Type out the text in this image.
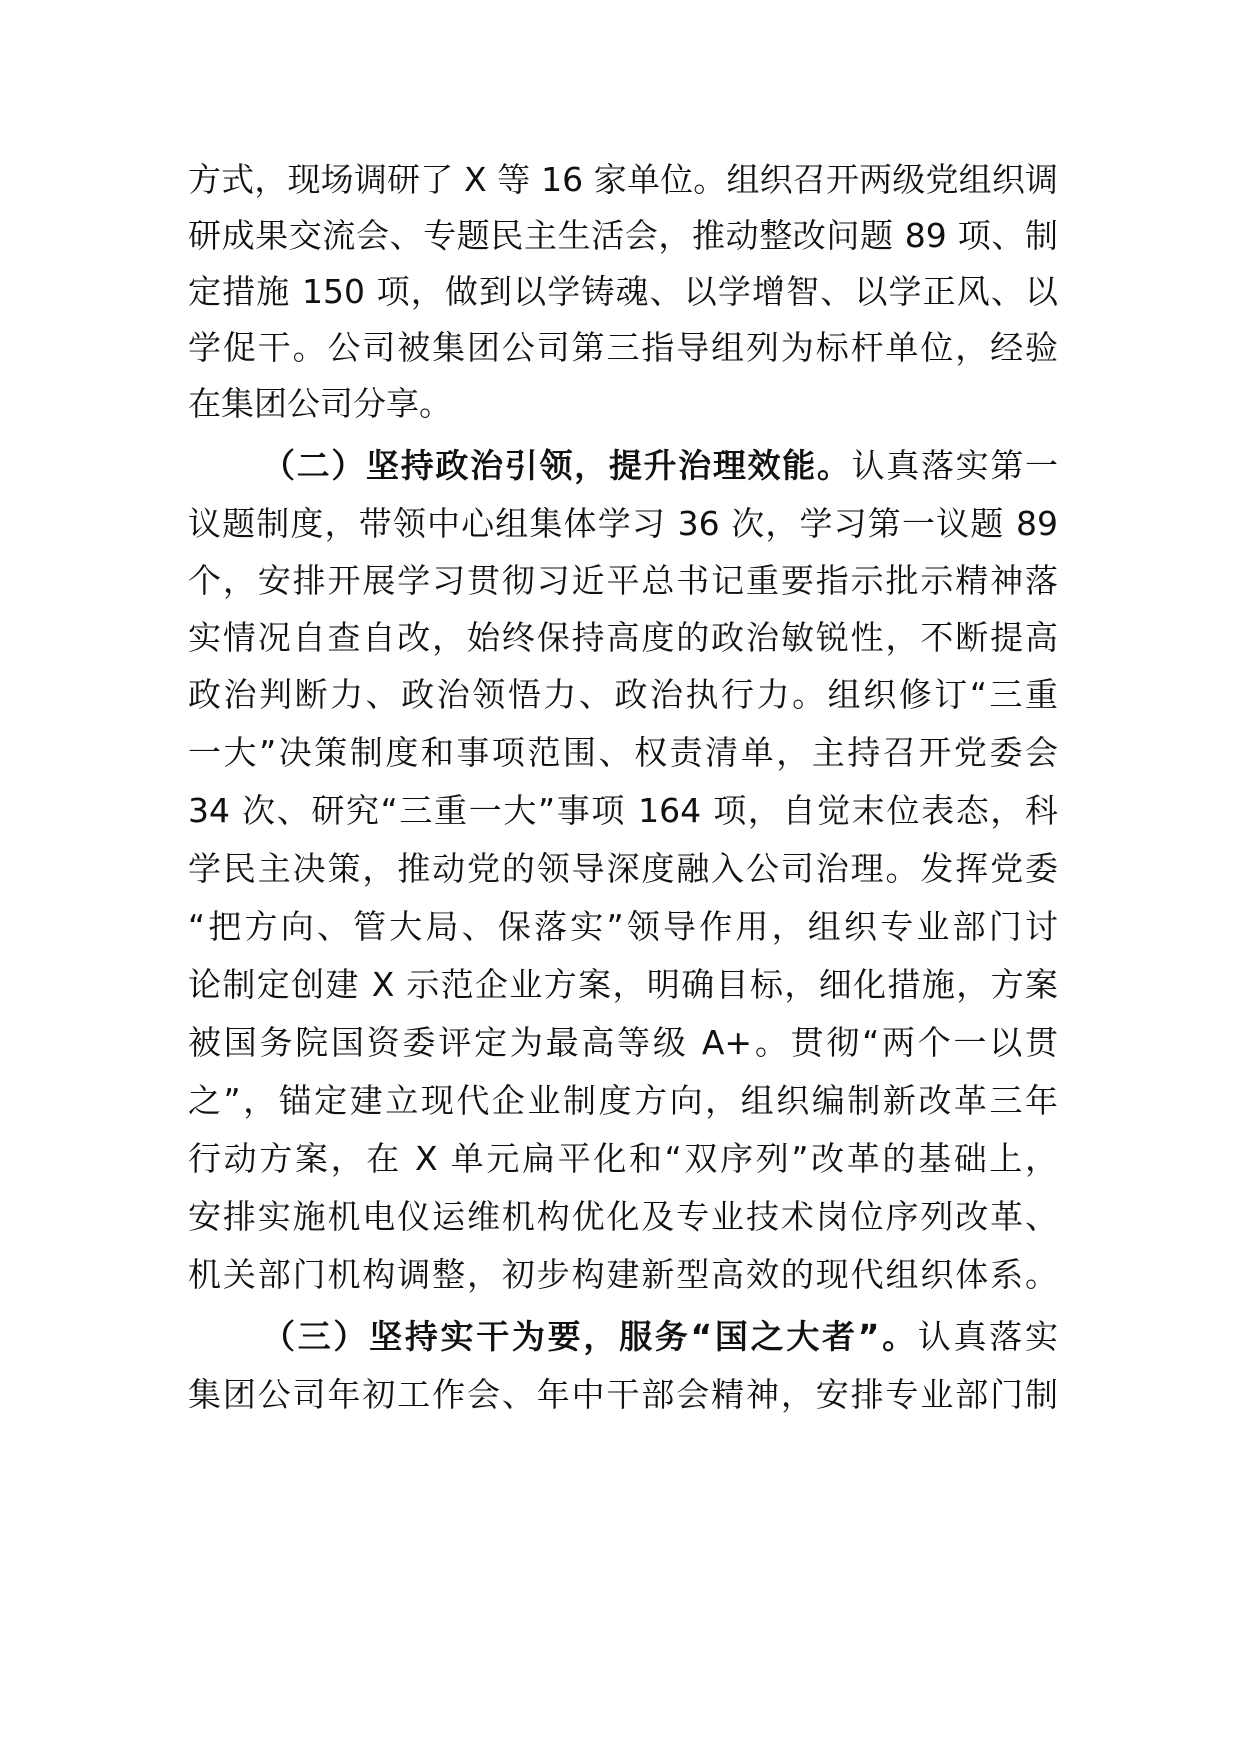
方式，现场调研了 X 等 16 家单位。组织召开两级党组织调
研成果交流会、专题民主生活会，推动整改问题 89 项、制
定措施 150 项，做到以学铸魂、以学增智、以学正风、以
学促干。公司被集团公司第三指导组列为标杆单位，经验
在集团公司分享。
（二）坚持政治引领，提升治理效能。认真落实第一
议题制度，带领中心组集体学习 36 次，学习第一议题 89
个，安排开展学习贯彻习近平总书记重要指示批示精神落
实情况自查自改，始终保持高度的政治敏锐性，不断提高
政治判断力、政治领悟力、政治执行力。组织修订“三重
一大”决策制度和事项范围、权责清单，主持召开党委会
34 次、研究“三重一大”事项 164 项，自觉末位表态，科
学民主决策，推动党的领导深度融入公司治理。发挥党委
“把方向、管大局、保落实”领导作用，组织专业部门讨
论制定创建 X 示范企业方案，明确目标，细化措施，方案
被国务院国资委评定为最高等级 A+。贯彻“两个一以贯
之”，锚定建立现代企业制度方向，组织编制新改革三年
行动方案，在 X 单元扁平化和“双序列”改革的基础上，
安排实施机电仪运维机构优化及专业技术岗位序列改革、
机关部门机构调整，初步构建新型高效的现代组织体系。
（三）坚持实干为要，服务“国之大者”。认真落实
集团公司年初工作会、年中干部会精神，安排专业部门制
